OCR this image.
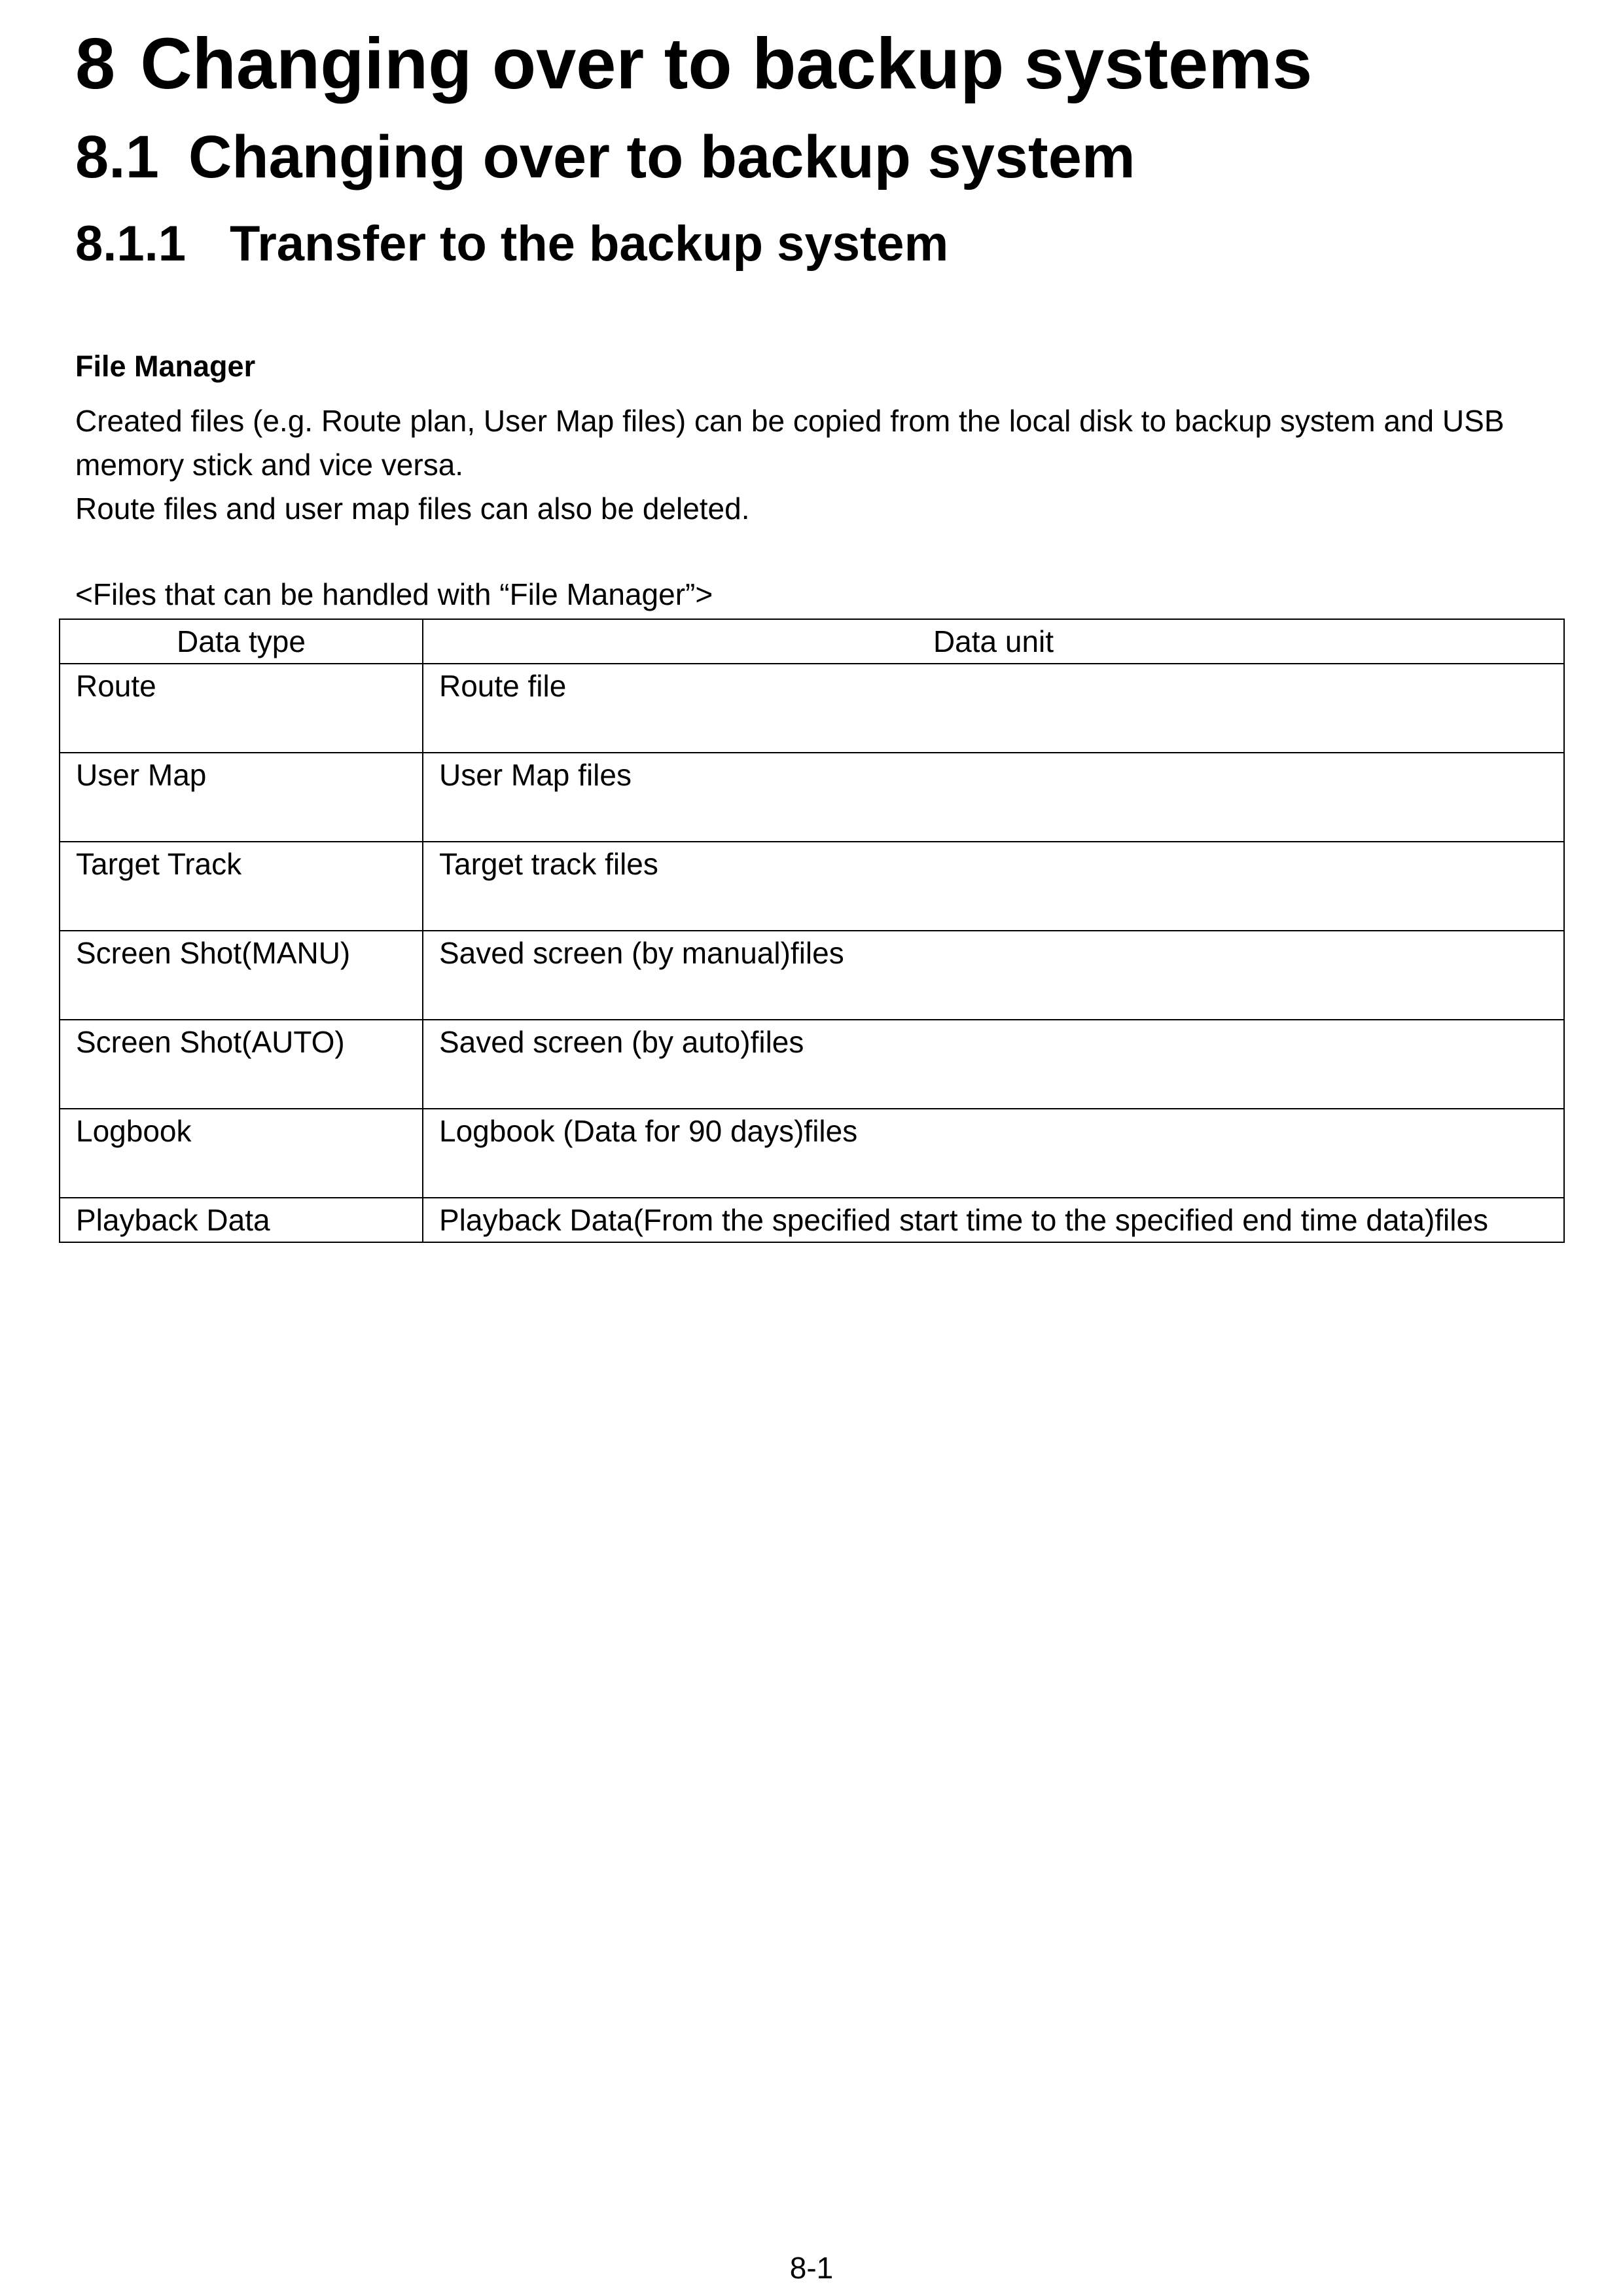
8 Changing over to backup systems
8.1 Changing over to backup system
8.1.1 Transfer to the backup system
File Manager

Created files (e.g. Route plan, User Map files) can be copied from the local disk to backup system and USB memory stick and vice versa.

Route files and user map files can also be deleted.

<Files that can be handled with “File Manager”>
Data type	Data unit
Route	Route file
User Map	User Map files
Target Track	Target track files
Screen Shot(MANU)	Saved screen (by manual)files
Screen Shot(AUTO)	Saved screen (by auto)files
Logbook	Logbook (Data for 90 days)files
Playback Data	Playback Data(From the specified start time to the specified end time data)files
8-1
